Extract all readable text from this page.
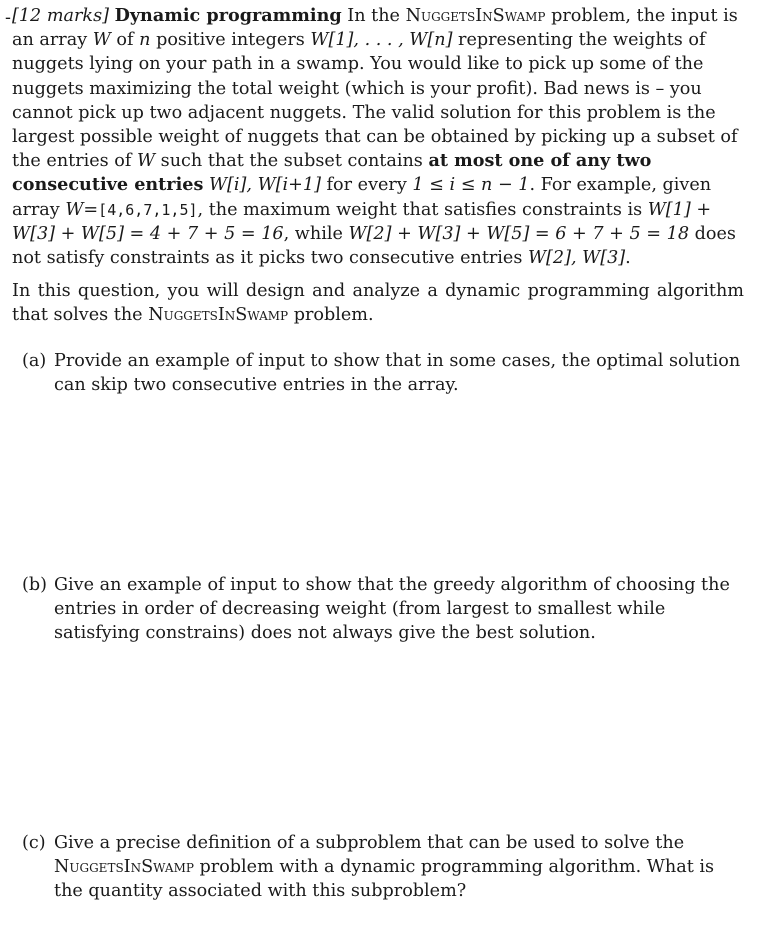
- [12 marks] Dynamic programming In the NuggetsInSwamp problem, the input is an array W of n positive integers W[1], . . . , W[n] representing the weights of nuggets lying on your path in a swamp. You would like to pick up some of the nuggets maximizing the total weight (which is your profit). Bad news is – you cannot pick up two adjacent nuggets. The valid solution for this problem is the largest possible weight of nuggets that can be obtained by picking up a subset of the entries of W such that the subset contains at most one of any two consecutive entries W[i], W[i+1] for every 1 ≤ i ≤ n − 1. For example, given array W=[4,6,7,1,5], the maximum weight that satisfies constraints is W[1] + W[3] + W[5] = 4 + 7 + 5 = 16, while W[2] + W[3] + W[5] = 6 + 7 + 5 = 18 does not satisfy constraints as it picks two consecutive entries W[2], W[3].

In this question, you will design and analyze a dynamic programming algorithm that solves the NuggetsInSwamp problem.

(a) Provide an example of input to show that in some cases, the optimal solution can skip two consecutive entries in the array.
(b) Give an example of input to show that the greedy algorithm of choosing the entries in order of decreasing weight (from largest to smallest while satisfying constrains) does not always give the best solution.
(c) Give a precise definition of a subproblem that can be used to solve the NuggetsInSwamp problem with a dynamic programming algorithm. What is the quantity associated with this subproblem?
